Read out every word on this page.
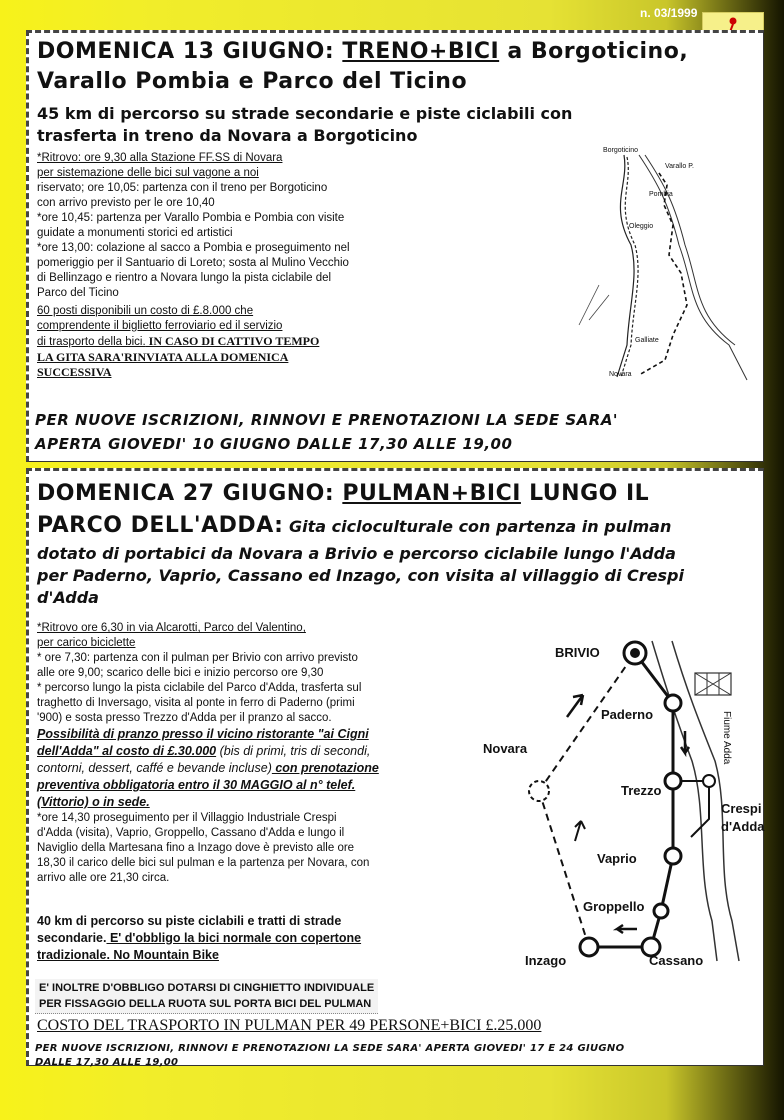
n. 03/1999
DOMENICA 13 GIUGNO: TRENO+BICI a Borgoticino,
Varallo Pombia e Parco del Ticino
45 km di percorso su strade secondarie e piste ciclabili con
trasferta in treno da Novara a Borgoticino
*Ritrovo: ore 9,30 alla Stazione FF.SS di Novara
per sistemazione delle bici sul vagone a noi
riservato; ore 10,05: partenza con il treno per Borgoticino
con arrivo previsto per le ore 10,40
*ore 10,45: partenza per Varallo Pombia e Pombia con visite
guidate a monumenti storici ed artistici
*ore 13,00: colazione al sacco a Pombia e proseguimento nel
pomeriggio per il Santuario di Loreto; sosta al Mulino Vecchio
di Bellinzago e rientro a Novara lungo la pista ciclabile del
Parco del Ticino
60 posti disponibili un costo di £.8.000 che
comprendente il biglietto ferroviario ed il servizio
di trasporto della bici. IN CASO DI CATTIVO TEMPO
LA GITA SARA'RINVIATA ALLA DOMENICA
SUCCESSIVA
PER NUOVE ISCRIZIONI, RINNOVI E PRENOTAZIONI LA SEDE SARA'
APERTA GIOVEDI' 10 GIUGNO DALLE 17,30 ALLE 19,00
Borgoticino
Varallo P.
Pombia
Oleggio
Galliate
Novara
DOMENICA 27 GIUGNO: PULMAN+BICI LUNGO IL
PARCO DELL'ADDA: Gita cicloculturale con partenza in pulman
dotato di portabici da Novara a Brivio e percorso ciclabile lungo l'Adda
per Paderno, Vaprio, Cassano ed Inzago, con visita al villaggio di Crespi
d'Adda
*Ritrovo ore 6,30 in via Alcarotti, Parco del Valentino,
per carico biciclette
* ore 7,30: partenza con il pulman per Brivio con arrivo previsto
alle ore 9,00; scarico delle bici e inizio percorso ore 9,30
* percorso lungo la pista ciclabile del Parco d'Adda, trasferta sul
traghetto di Inversago, visita al ponte in ferro di Paderno (primi
'900) e sosta presso Trezzo d'Adda per il pranzo al sacco.
Possibilità di pranzo presso il vicino ristorante "ai Cigni
dell'Adda" al costo di £.30.000 (bis di primi, tris di secondi,
contorni, dessert, caffé e bevande incluse) con prenotazione
preventiva obbligatoria entro il 30 MAGGIO al n° telef.
(Vittorio) o in sede.
*ore 14,30 proseguimento per il Villaggio Industriale Crespi
d'Adda (visita), Vaprio, Groppello, Cassano d'Adda e lungo il
Naviglio della Martesana fino a Inzago dove è previsto alle ore
18,30 il carico delle bici sul pulman e la partenza per Novara, con
arrivo alle ore 21,30 circa.
40 km di percorso su piste ciclabili e tratti di strade
secondarie. E' d'obbligo la bici normale con copertone
tradizionale. No Mountain Bike
E' INOLTRE D'OBBLIGO DOTARSI DI CINGHIETTO INDIVIDUALE
PER FISSAGGIO DELLA RUOTA SUL PORTA BICI DEL PULMAN
COSTO DEL TRASPORTO IN PULMAN PER 49 PERSONE+BICI £.25.000
PER NUOVE ISCRIZIONI, RINNOVI E PRENOTAZIONI LA SEDE SARA' APERTA GIOVEDI' 17 E 24 GIUGNO
DALLE 17,30 ALLE 19,00
BRIVIO
Paderno
Novara
Trezzo
Crespi
d'Adda
Vaprio
Groppello
Inzago	Cassano
Fiume Adda
